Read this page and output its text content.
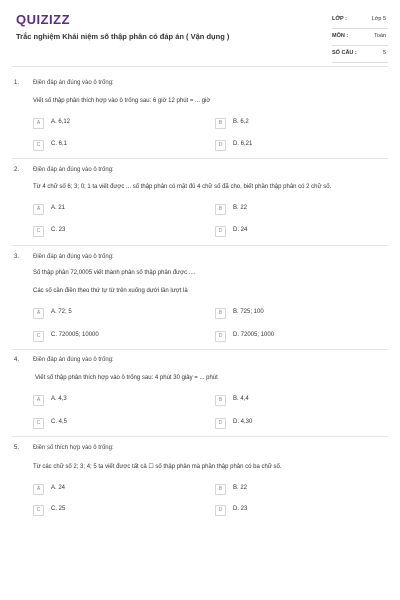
QUIZIZZ
Trắc nghiệm Khái niệm số thập phân có đáp án ( Vận dụng )
LỚP :	Lớp 5
MÔN :	Toán
SỐ CÂU :	5
1. Điền đáp án đúng vào ô trống:
Viết số thập phân thích hợp vào ô trống sau: 6 giờ 12 phút = ... giờ
A	A. 6,12	B	B. 6,2
C	C. 6,1	D	D. 6,21
2. Điền đáp án đúng vào ô trống:
Từ 4 chữ số 6; 3; 0; 1 ta viết được ... số thập phân có mặt đủ 4 chữ số đã cho, biết phần thập phân có 2 chữ số.
A	A. 21	B	B. 22
C	C. 23	D	D. 24
3. Điền đáp án đúng vào ô trống:
Số thập phân 72,0005 viết thành phân số thập phân được ....
Các số cần điền theo thứ tự từ trên xuống dưới lần lượt là
A	A. 72; 5	B	B. 725; 100
C	C. 720005; 10000	D	D. 72005; 1000
4. Điền đáp án đúng vào ô trống:
Viết số thập phân thích hợp vào ô trống sau: 4 phút 30 giây = ... phút
A	A. 4,3	B	B. 4,4
C	C. 4,5	D	D. 4,30
5. Điền số thích hợp vào ô trống:
Từ các chữ số 2; 3; 4; 5 ta viết được tất cả ☐ số thập phân mà phần thập phân có ba chữ số.
A	A. 24	B	B. 22
C	C. 25	D	D. 23
